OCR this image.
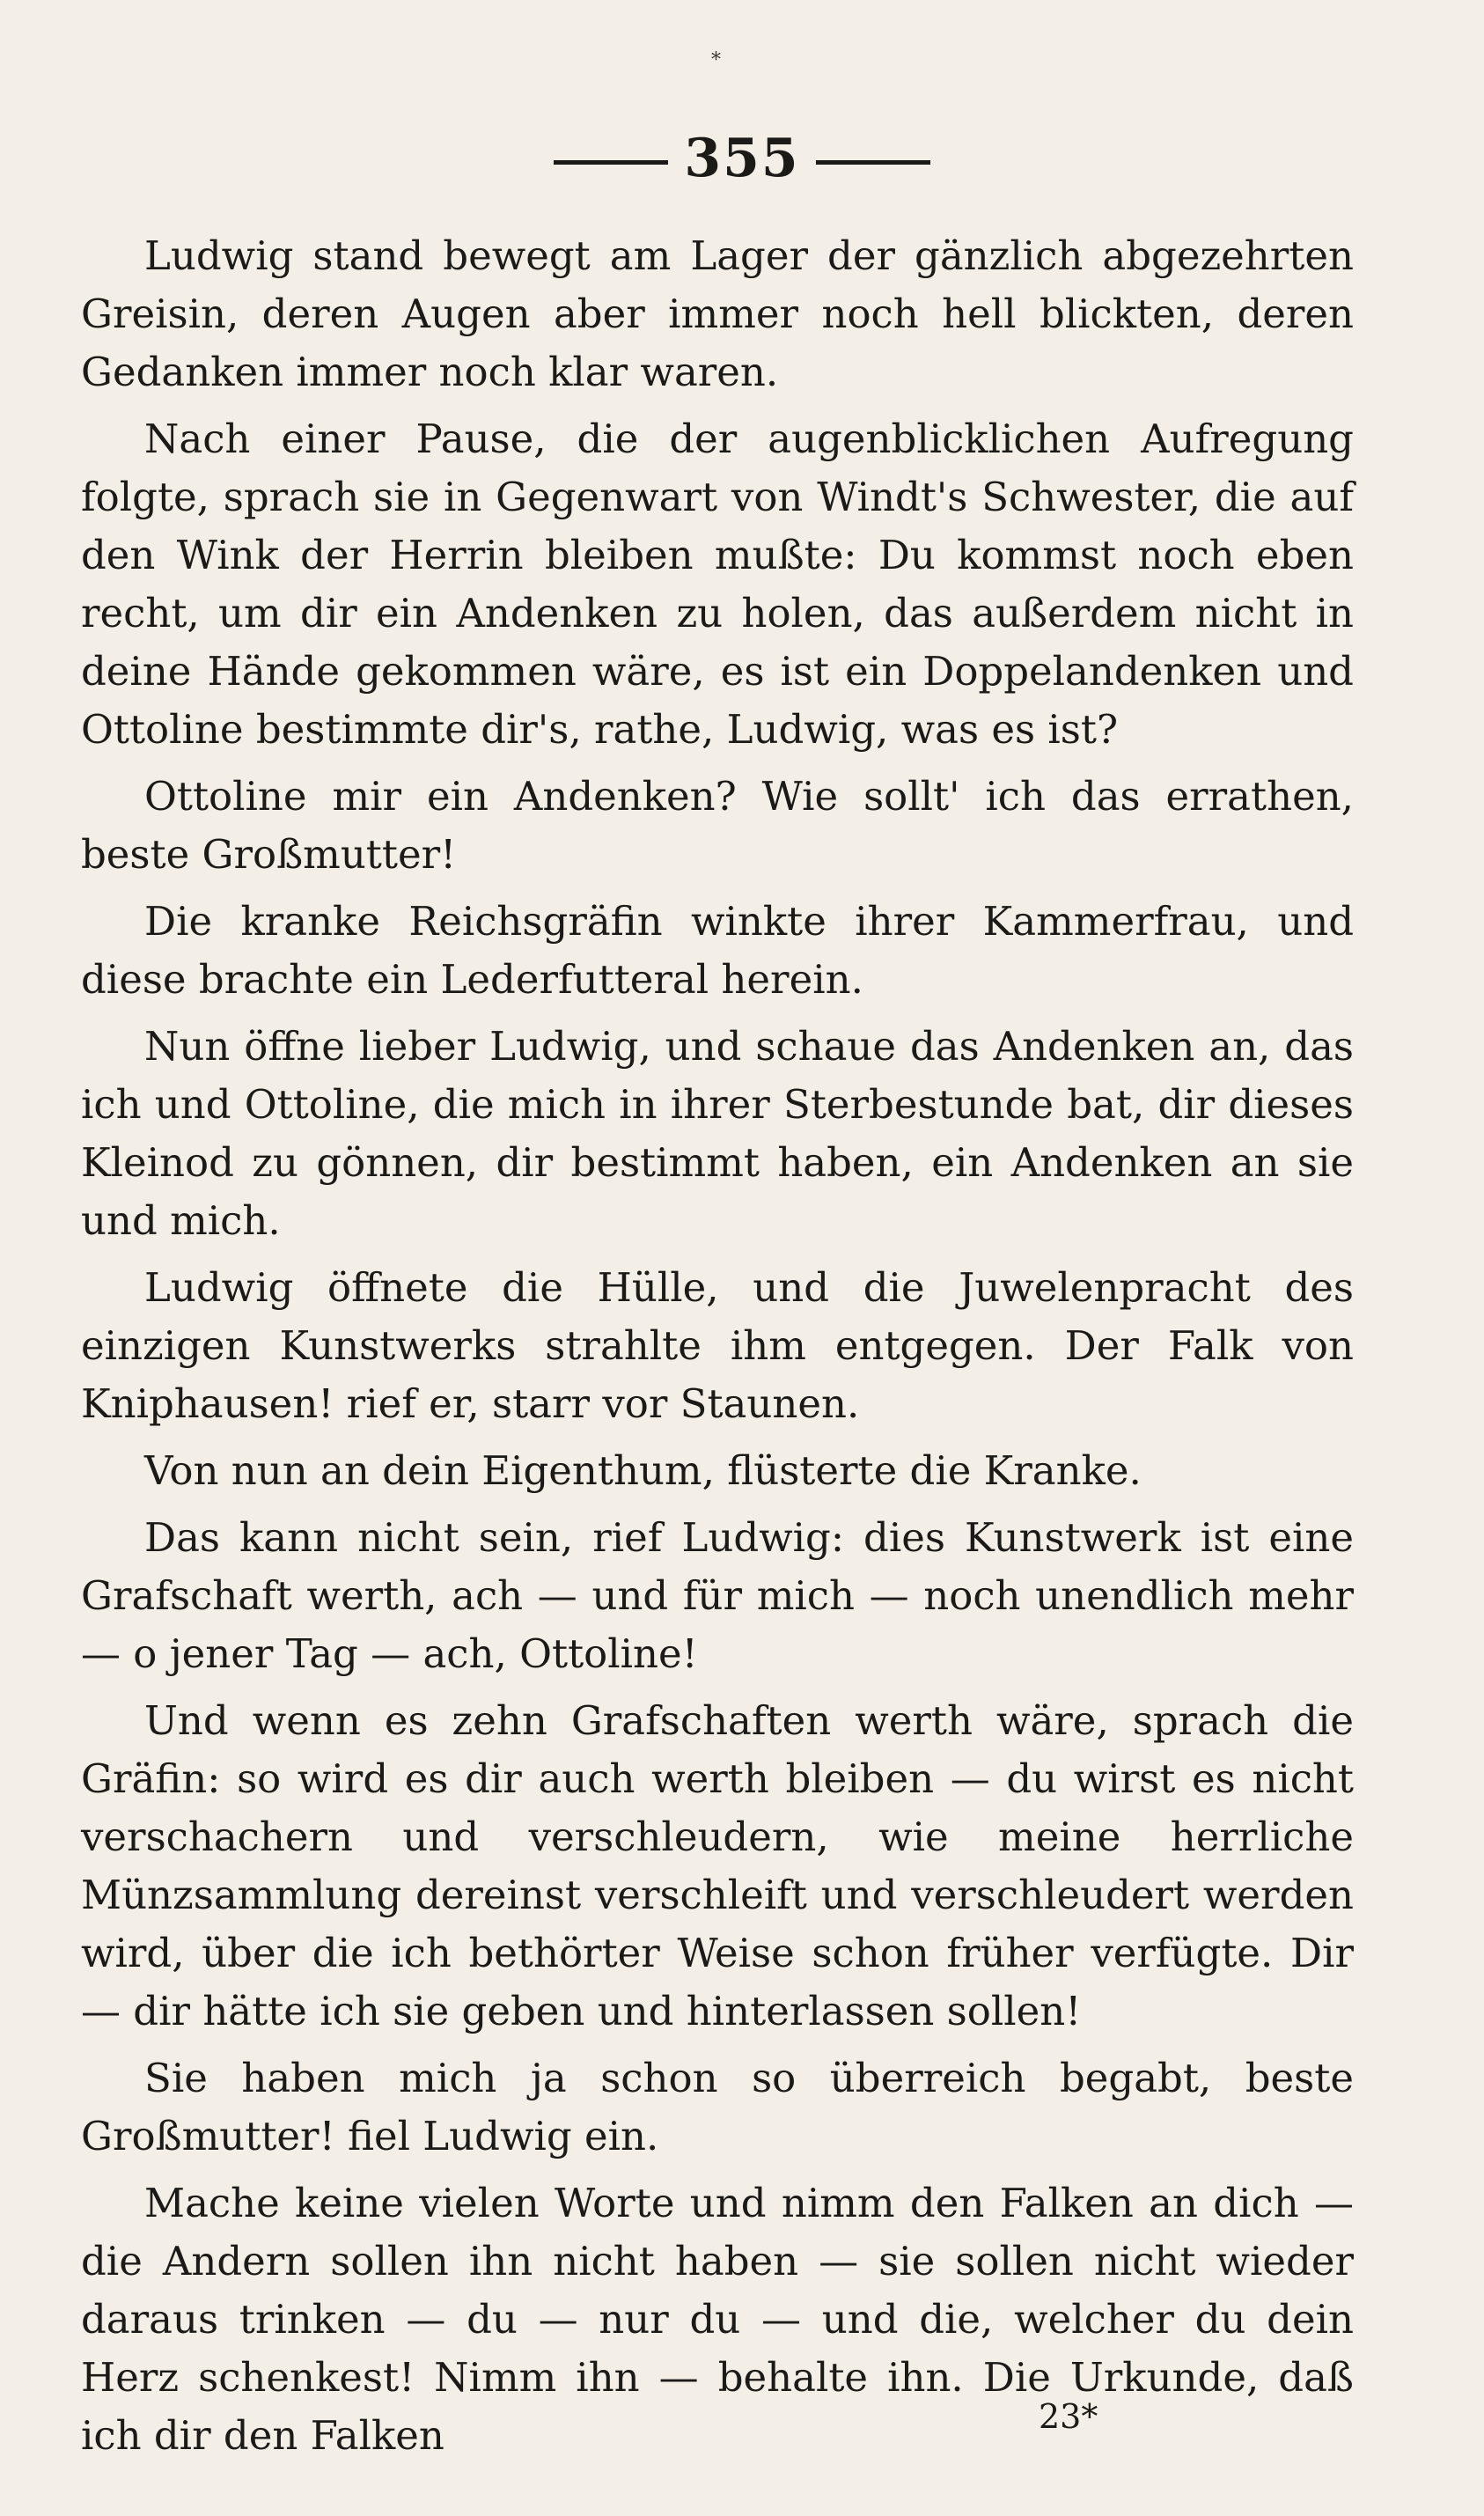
*
355

Ludwig stand bewegt am Lager der gänzlich abgezehrten Greisin, deren Augen aber immer noch hell blickten, deren Gedanken immer noch klar waren.

Nach einer Pause, die der augenblicklichen Aufregung folgte, sprach sie in Gegenwart von Windt's Schwester, die auf den Wink der Herrin bleiben mußte: Du kommst noch eben recht, um dir ein Andenken zu holen, das außerdem nicht in deine Hände gekommen wäre, es ist ein Doppelandenken und Ottoline bestimmte dir's, rathe, Ludwig, was es ist?

Ottoline mir ein Andenken? Wie sollt' ich das errathen, beste Großmutter!

Die kranke Reichsgräfin winkte ihrer Kammerfrau, und diese brachte ein Lederfutteral herein.

Nun öffne lieber Ludwig, und schaue das Andenken an, das ich und Ottoline, die mich in ihrer Sterbestunde bat, dir dieses Kleinod zu gönnen, dir bestimmt haben, ein Andenken an sie und mich.

Ludwig öffnete die Hülle, und die Juwelenpracht des einzigen Kunstwerks strahlte ihm entgegen. Der Falk von Kniphausen! rief er, starr vor Staunen.

Von nun an dein Eigenthum, flüsterte die Kranke.

Das kann nicht sein, rief Ludwig: dies Kunstwerk ist eine Grafschaft werth, ach — und für mich — noch unendlich mehr — o jener Tag — ach, Ottoline!

Und wenn es zehn Grafschaften werth wäre, sprach die Gräfin: so wird es dir auch werth bleiben — du wirst es nicht verschachern und verschleudern, wie meine herrliche Münzsammlung dereinst verschleift und verschleudert werden wird, über die ich bethörter Weise schon früher verfügte. Dir — dir hätte ich sie geben und hinterlassen sollen!

Sie haben mich ja schon so überreich begabt, beste Großmutter! fiel Ludwig ein.

Mache keine vielen Worte und nimm den Falken an dich — die Andern sollen ihn nicht haben — sie sollen nicht wieder daraus trinken — du — nur du — und die, welcher du dein Herz schenkest! Nimm ihn — behalte ihn. Die Urkunde, daß ich dir den Falken	23*
